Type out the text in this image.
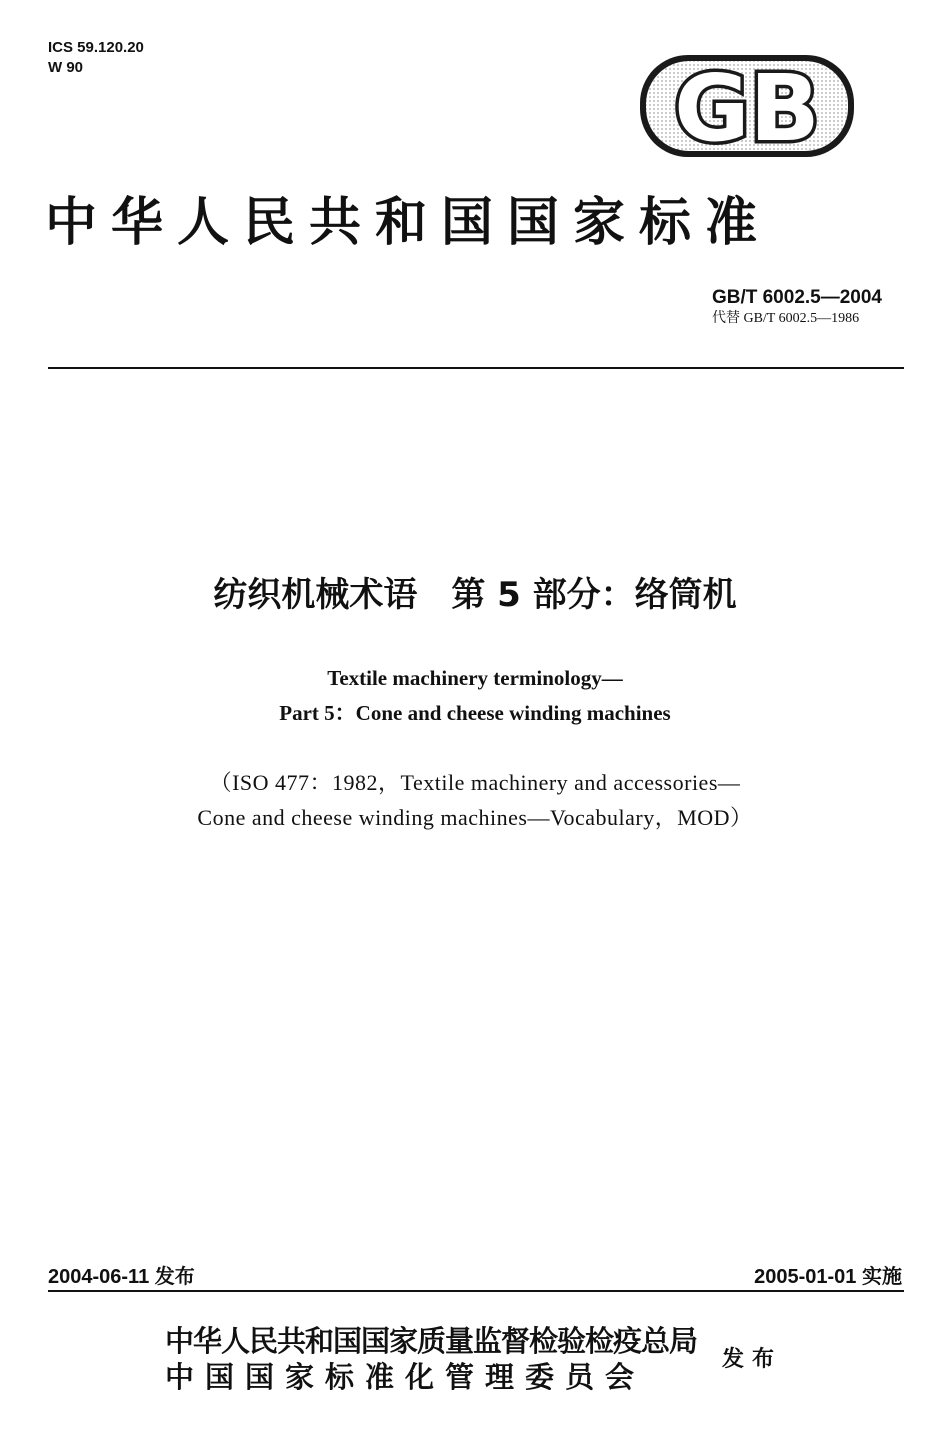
ICS 59.120.20
W 90	GB
中华人民共和国国家标准
GB/T 6002.5—2004
代替 GB/T 6002.5—1986
纺织机械术语　第 5 部分：络筒机
Textile machinery terminology—
Part 5：Cone and cheese winding machines
（ISO 477：1982，Textile machinery and accessories—
Cone and cheese winding machines—Vocabulary，MOD）
2004-06-11 发布	2005-01-01 实施
中华人民共和国国家质量监督检验检疫总局
中国国家标准化管理委员会
发布
